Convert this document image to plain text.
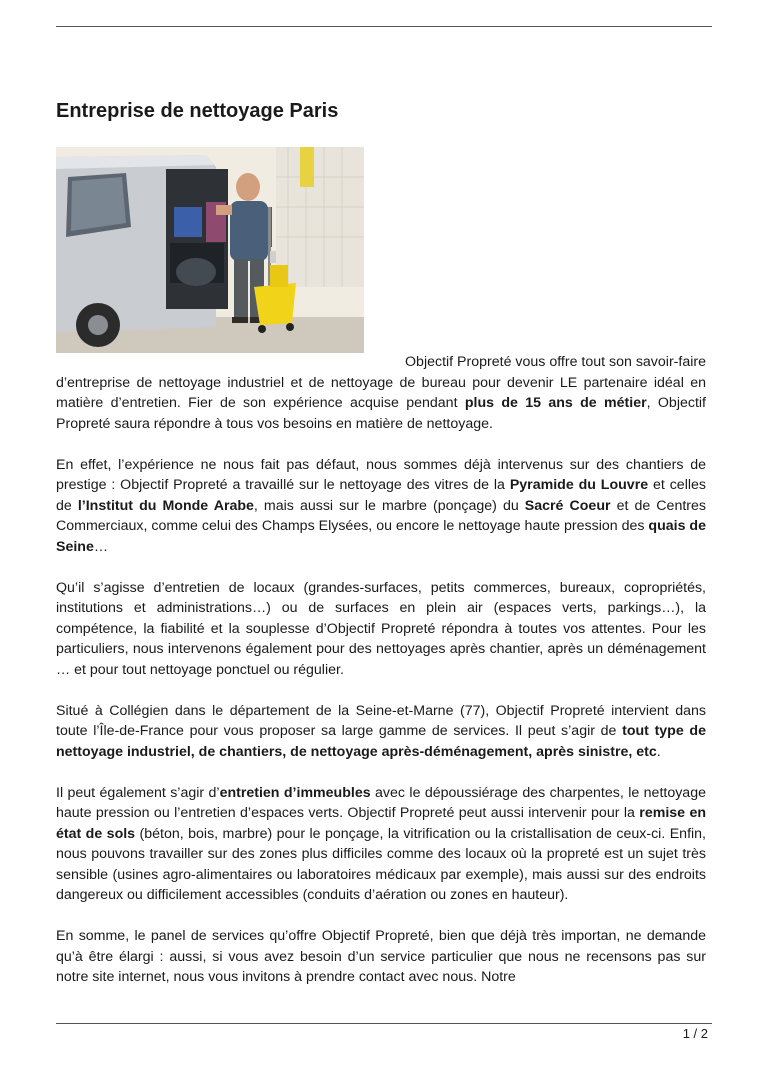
Entreprise de nettoyage Paris

Objectif Propreté vous offre tout son savoir-faire
d’entreprise de nettoyage industriel et de nettoyage de bureau pour devenir LE partenaire idéal en matière d’entretien. Fier de son expérience acquise pendant plus de 15 ans de métier, Objectif Propreté saura répondre à tous vos besoins en matière de nettoyage.

En effet, l’expérience ne nous fait pas défaut, nous sommes déjà intervenus sur des chantiers de prestige : Objectif Propreté a travaillé sur le nettoyage des vitres de la Pyramide du Louvre et celles de l’Institut du Monde Arabe, mais aussi sur le marbre (ponçage) du Sacré Coeur et de Centres Commerciaux, comme celui des Champs Elysées, ou encore le nettoyage haute pression des quais de Seine…

Qu’il s’agisse d’entretien de locaux (grandes-surfaces, petits commerces, bureaux, copropriétés, institutions et administrations…) ou de surfaces en plein air (espaces verts, parkings…), la compétence, la fiabilité et la souplesse d’Objectif Propreté répondra à toutes vos attentes. Pour les particuliers, nous intervenons également pour des nettoyages après chantier, après un déménagement … et pour tout nettoyage ponctuel ou régulier.

Situé à Collégien dans le département de la Seine-et-Marne (77), Objectif Propreté intervient dans toute l’Île-de-France pour vous proposer sa large gamme de services. Il peut s’agir de tout type de nettoyage industriel, de chantiers, de nettoyage après-déménagement, après sinistre, etc.

Il peut également s’agir d’entretien d’immeubles avec le dépoussiérage des charpentes, le nettoyage haute pression ou l’entretien d’espaces verts. Objectif Propreté peut aussi intervenir pour la remise en état de sols (béton, bois, marbre) pour le ponçage, la vitrification ou la cristallisation de ceux-ci. Enfin, nous pouvons travailler sur des zones plus difficiles comme des locaux où la propreté est un sujet très sensible (usines agro-alimentaires ou laboratoires médicaux par exemple), mais aussi sur des endroits dangereux ou difficilement accessibles (conduits d’aération ou zones en hauteur).

En somme, le panel de services qu’offre Objectif Propreté, bien que déjà très importan, ne demande qu’à être élargi : aussi, si vous avez besoin d’un service particulier que nous ne recensons pas sur notre site internet, nous vous invitons à prendre contact avec nous. Notre

1 / 2
